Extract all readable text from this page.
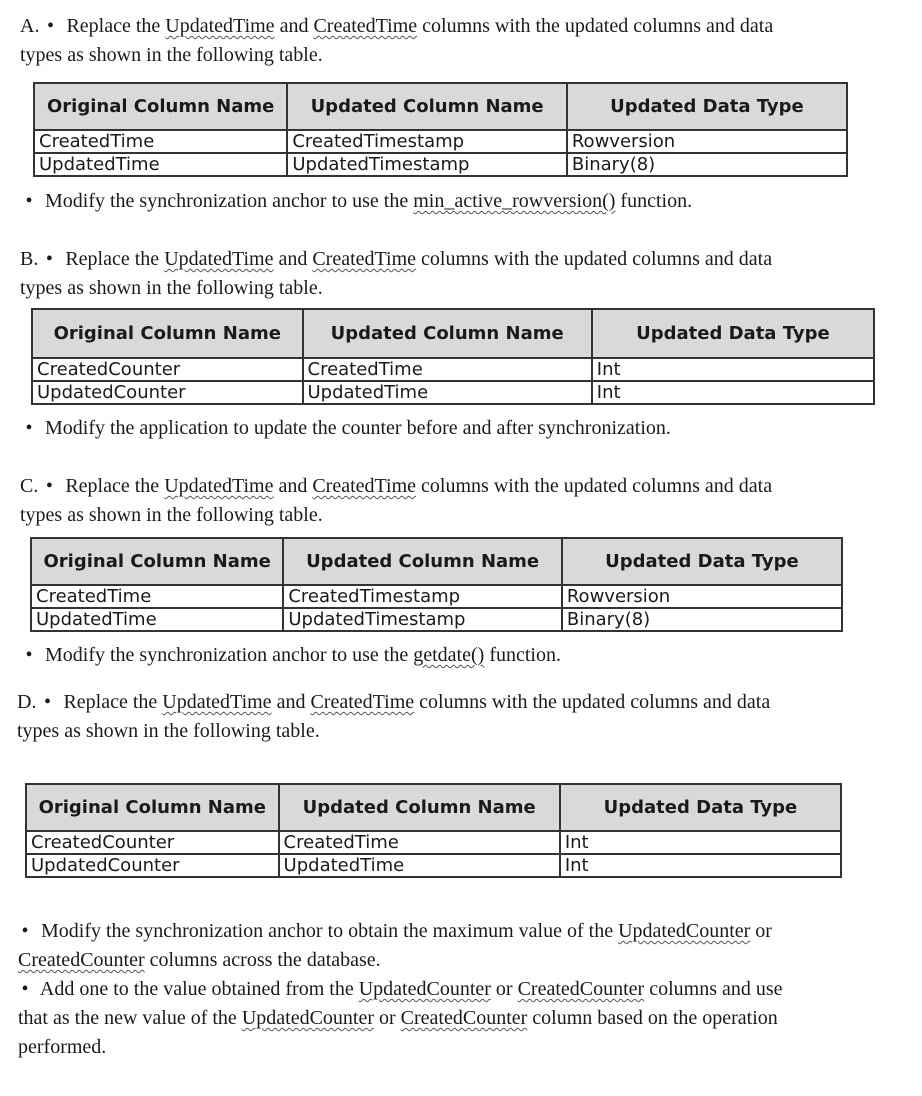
A. • Replace the UpdatedTime and CreatedTime columns with the updated columns and data
types as shown in the following table.

Original Column Name	Updated Column Name	Updated Data Type
CreatedTime	CreatedTimestamp	Rowversion
UpdatedTime	UpdatedTimestamp	Binary(8)

• Modify the synchronization anchor to use the min_active_rowversion() function.

B. • Replace the UpdatedTime and CreatedTime columns with the updated columns and data
types as shown in the following table.

Original Column Name	Updated Column Name	Updated Data Type
CreatedCounter	CreatedTime	Int
UpdatedCounter	UpdatedTime	Int

• Modify the application to update the counter before and after synchronization.

C. • Replace the UpdatedTime and CreatedTime columns with the updated columns and data
types as shown in the following table.

Original Column Name	Updated Column Name	Updated Data Type
CreatedTime	CreatedTimestamp	Rowversion
UpdatedTime	UpdatedTimestamp	Binary(8)

• Modify the synchronization anchor to use the getdate() function.

D. • Replace the UpdatedTime and CreatedTime columns with the updated columns and data
types as shown in the following table.

Original Column Name	Updated Column Name	Updated Data Type
CreatedCounter	CreatedTime	Int
UpdatedCounter	UpdatedTime	Int

• Modify the synchronization anchor to obtain the maximum value of the UpdatedCounter or
CreatedCounter columns across the database.

• Add one to the value obtained from the UpdatedCounter or CreatedCounter columns and use
that as the new value of the UpdatedCounter or CreatedCounter column based on the operation
performed.
